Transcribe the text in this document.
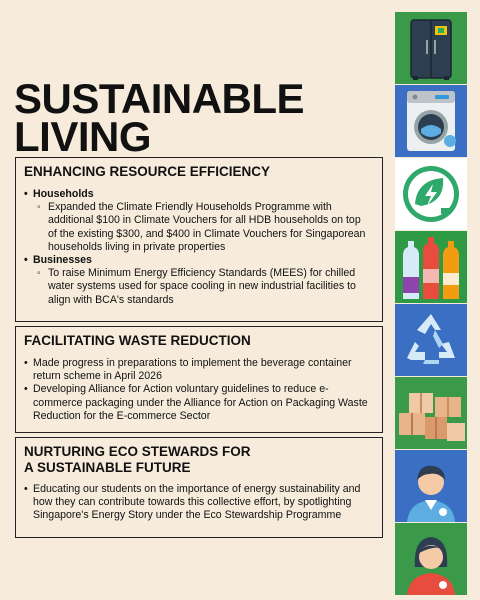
SUSTAINABLE
LIVING
ENHANCING RESOURCE EFFICIENCY
• Households
◦ Expanded the Climate Friendly Households Programme with additional $100 in Climate Vouchers for all HDB households on top of the existing $300, and $400 in Climate Vouchers for Singaporean households living in private properties
• Businesses
◦ To raise Minimum Energy Efficiency Standards (MEES) for chilled water systems used for space cooling in new industrial facilities to align with BCA's standards
FACILITATING WASTE REDUCTION
• Made progress in preparations to implement the beverage container return scheme in April 2026
• Developing Alliance for Action voluntary guidelines to reduce e-commerce packaging under the Alliance for Action on Packaging Waste Reduction for the E-commerce Sector
NURTURING ECO STEWARDS FOR
A SUSTAINABLE FUTURE
• Educating our students on the importance of energy sustainability and how they can contribute towards this collective effort, by spotlighting Singapore's Energy Story under the Eco Stewardship Programme
